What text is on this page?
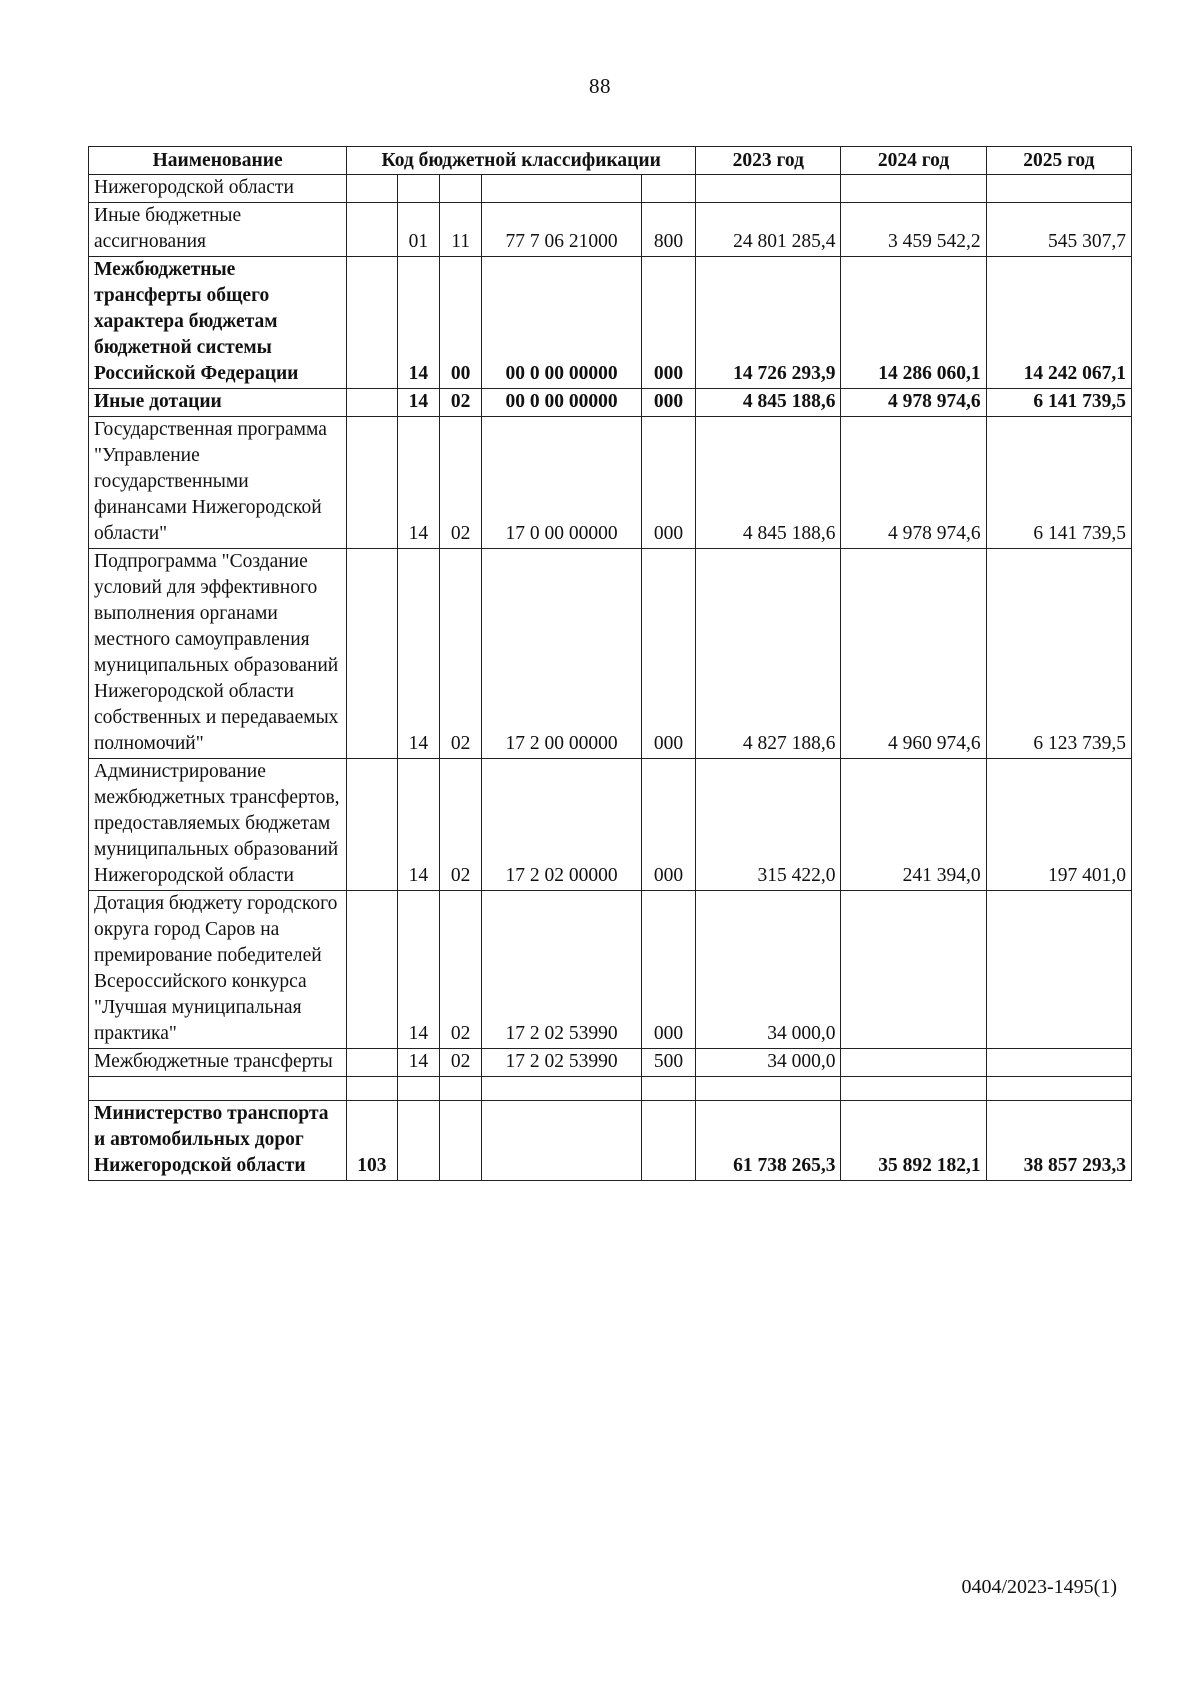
88
Наименование	Код бюджетной классификации					2023 год	2024 год	2025 год
Нижегородской области								
Иные бюджетные ассигнования		01	11	77 7 06 21000	800	24 801 285,4	3 459 542,2	545 307,7
Межбюджетные трансферты общего характера бюджетам бюджетной системы Российской Федерации		14	00	00 0 00 00000	000	14 726 293,9	14 286 060,1	14 242 067,1
Иные дотации		14	02	00 0 00 00000	000	4 845 188,6	4 978 974,6	6 141 739,5
Государственная программа "Управление государственными финансами Нижегородской области"		14	02	17 0 00 00000	000	4 845 188,6	4 978 974,6	6 141 739,5
Подпрограмма "Создание условий для эффективного выполнения органами местного самоуправления муниципальных образований Нижегородской области собственных и передаваемых полномочий"		14	02	17 2 00 00000	000	4 827 188,6	4 960 974,6	6 123 739,5
Администрирование межбюджетных трансфертов, предоставляемых бюджетам муниципальных образований Нижегородской области		14	02	17 2 02 00000	000	315 422,0	241 394,0	197 401,0
Дотация бюджету городского округа город Саров на премирование победителей Всероссийского конкурса "Лучшая муниципальная практика"		14	02	17 2 02 53990	000	34 000,0		
Межбюджетные трансферты		14	02	17 2 02 53990	500	34 000,0		

Министерство транспорта и автомобильных дорог Нижегородской области	103					61 738 265,3	35 892 182,1	38 857 293,3
0404/2023-1495(1)
